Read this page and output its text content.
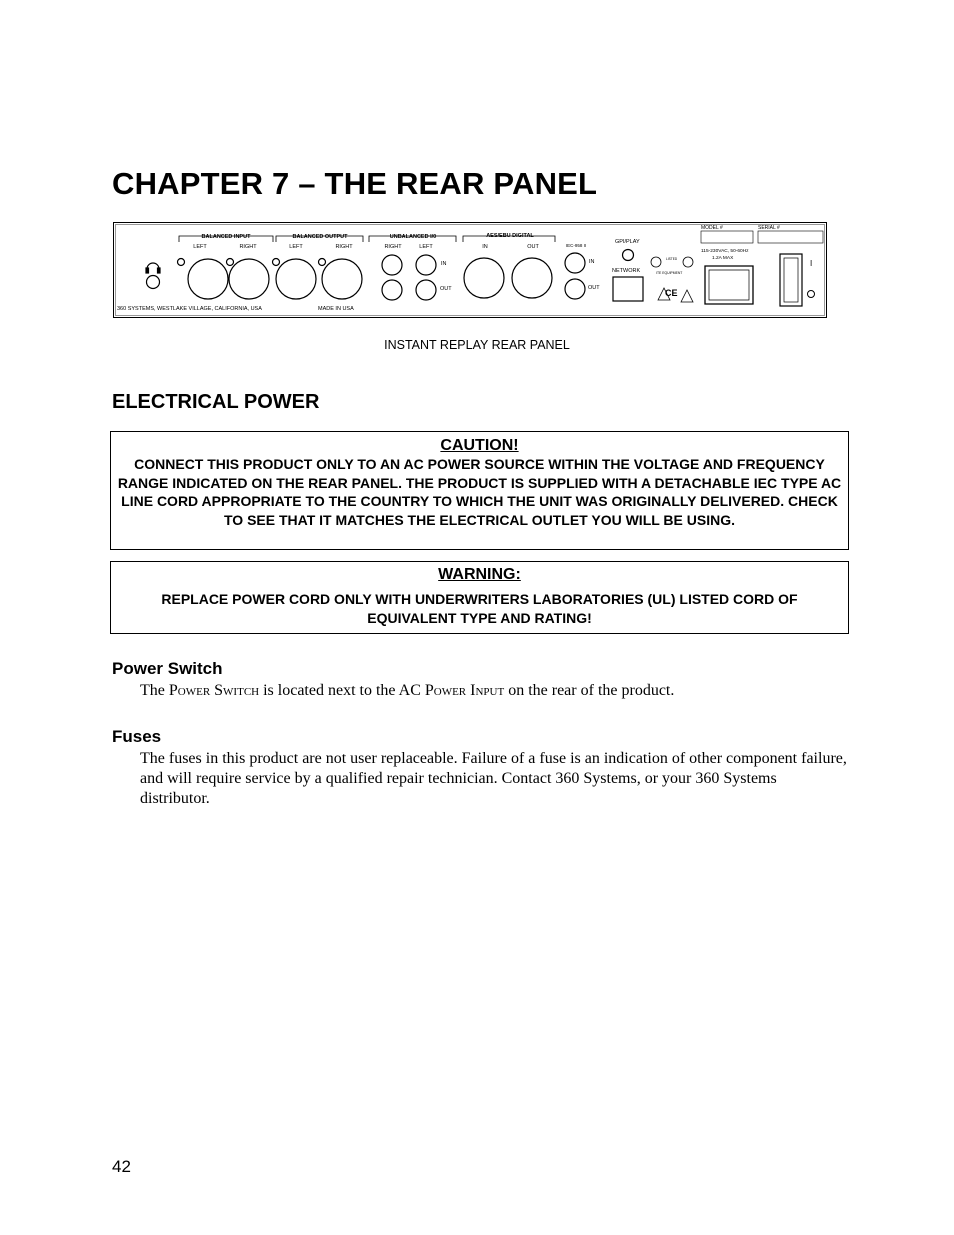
CHAPTER 7 – THE REAR PANEL
BALANCED INPUT	BALANCED OUTPUT	UNBALANCED I/0	AES/EBU DIGITAL
LEFT	RIGHT	LEFT	RIGHT	RIGHT	LEFT	IN	OUT	IEC-958 II
IN
OUT
IN
OUT
GPI/PLAY
NETWORK
LISTED
ITE EQUIPMENT
CE
MODEL #	SERIAL #
115-230VAC, 50-60Hz
1.2A MAX
I
360 SYSTEMS, WESTLAKE VILLAGE, CALIFORNIA, USA	MADE IN USA
INSTANT REPLAY REAR PANEL
ELECTRICAL POWER
CAUTION!
CONNECT THIS PRODUCT ONLY TO AN AC POWER SOURCE WITHIN THE VOLTAGE AND FREQUENCY RANGE INDICATED ON THE REAR PANEL. THE PRODUCT IS SUPPLIED WITH A DETACHABLE IEC TYPE AC LINE CORD APPROPRIATE TO THE COUNTRY TO WHICH THE UNIT WAS ORIGINALLY DELIVERED. CHECK TO SEE THAT IT MATCHES THE ELECTRICAL OUTLET YOU WILL BE USING.
WARNING:
REPLACE POWER CORD ONLY WITH UNDERWRITERS LABORATORIES (UL) LISTED CORD OF EQUIVALENT TYPE AND RATING!
Power Switch
The Power Switch is located next to the AC Power Input on the rear of the product.
Fuses
The fuses in this product are not user replaceable. Failure of a fuse is an indication of other component failure, and will require service by a qualified repair technician. Contact 360 Systems, or your 360 Systems distributor.
42
